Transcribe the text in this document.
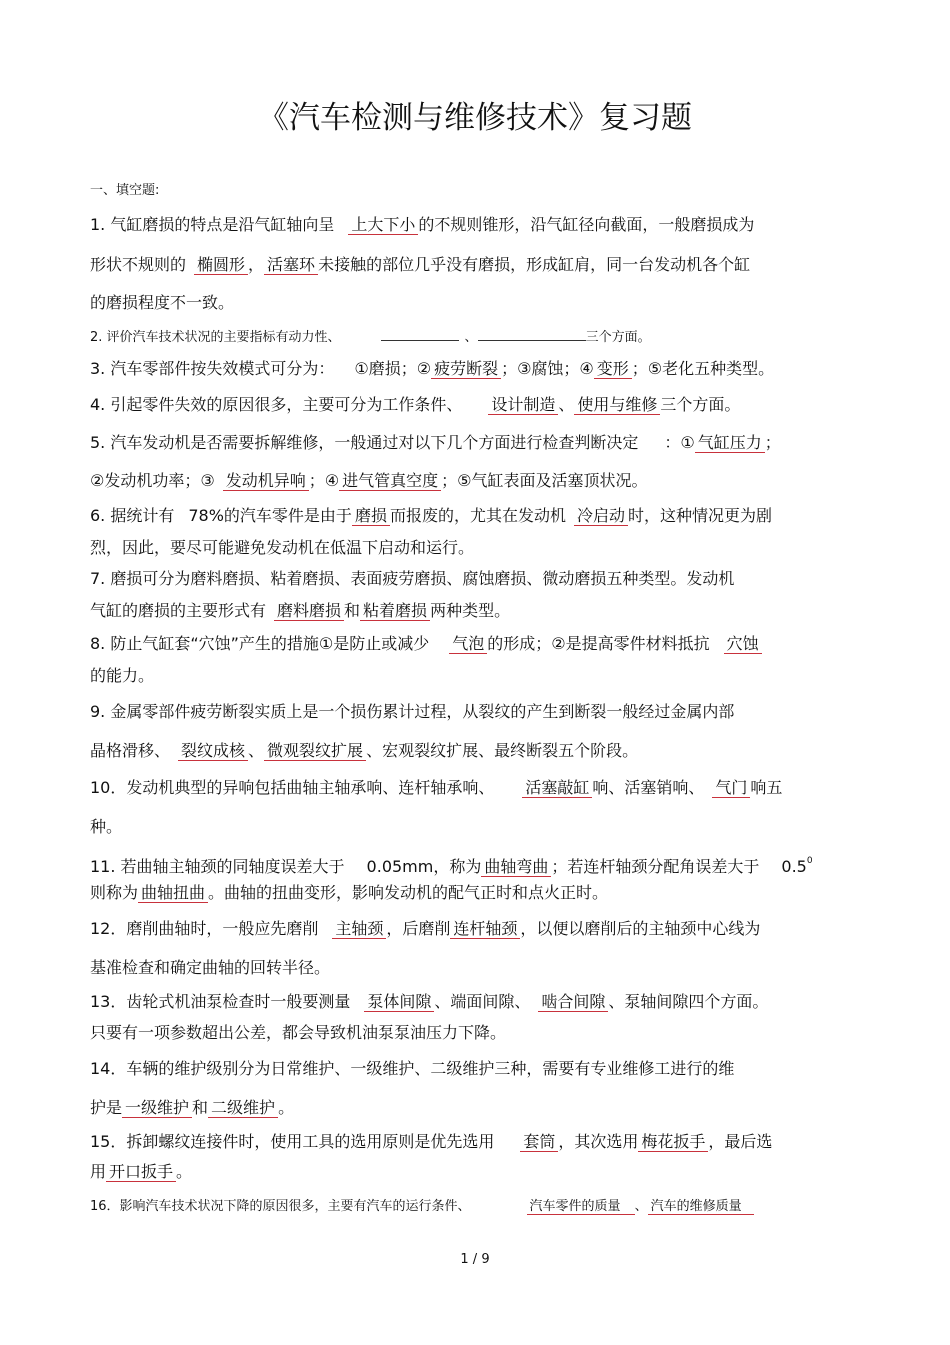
《汽车检测与维修技术》复习题
一、填空题:
1. 气缸磨损的特点是沿气缸轴向呈 上大下小 的不规则锥形，沿气缸径向截面，一般磨损成为
形状不规则的 椭圆形 ， 活塞环 未接触的部位几乎没有磨损，形成缸肩，同一台发动机各个缸
的磨损程度不一致。
2. 评价汽车技术状况的主要指标有动力性、	、	三个方面。
3. 汽车零部件按失效模式可分为： ①磨损；② 疲劳断裂 ；③腐蚀；④ 变形 ；⑤老化五种类型。
4. 引起零件失效的原因很多，主要可分为工作条件、 设计制造 、 使用与维修 三个方面。
5. 汽车发动机是否需要拆解维修，一般通过对以下几个方面进行检查判断决定 ：① 气缸压力 ；
②发动机功率；③ 发动机异响 ；④ 进气管真空度 ；⑤气缸表面及活塞顶状况。
6. 据统计有 78%的汽车零件是由于 磨损 而报废的，尤其在发动机 冷启动 时，这种情况更为剧
烈，因此，要尽可能避免发动机在低温下启动和运行。
7. 磨损可分为磨料磨损、粘着磨损、表面疲劳磨损、腐蚀磨损、微动磨损五种类型。发动机
气缸的磨损的主要形式有 磨料磨损 和 粘着磨损 两种类型。
8. 防止气缸套“穴蚀”产生的措施①是防止或减少 气泡 的形成；②是提高零件材料抵抗 穴蚀
的能力。
9. 金属零部件疲劳断裂实质上是一个损伤累计过程，从裂纹的产生到断裂一般经过金属内部
晶格滑移、 裂纹成核 、 微观裂纹扩展 、宏观裂纹扩展、最终断裂五个阶段。
10．发动机典型的异响包括曲轴主轴承响、连杆轴承响、 活塞敲缸 响、活塞销响、 气门 响五
种。
11. 若曲轴主轴颈的同轴度误差大于 0.05mm，称为 曲轴弯曲 ；若连杆轴颈分配角误差大于 $0.5^0$
则称为 曲轴扭曲 。曲轴的扭曲变形，影响发动机的配气正时和点火正时。
12．磨削曲轴时，一般应先磨削 主轴颈 ，后磨削 连杆轴颈 ，以便以磨削后的主轴颈中心线为
基准检查和确定曲轴的回转半径。
13．齿轮式机油泵检查时一般要测量 泵体间隙 、端面间隙、 啮合间隙 、泵轴间隙四个方面。
只要有一项参数超出公差，都会导致机油泵泵油压力下降。
14．车辆的维护级别分为日常维护、一级维护、二级维护三种，需要有专业维修工进行的维
护是 一级维护 和 二级维护 。
15．拆卸螺纹连接件时，使用工具的选用原则是优先选用 套筒 ，其次选用 梅花扳手 ，最后选
用 开口扳手 。
16．影响汽车技术状况下降的原因很多，主要有汽车的运行条件、	汽车零件的质量 、 汽车的维修质量
1 / 9
